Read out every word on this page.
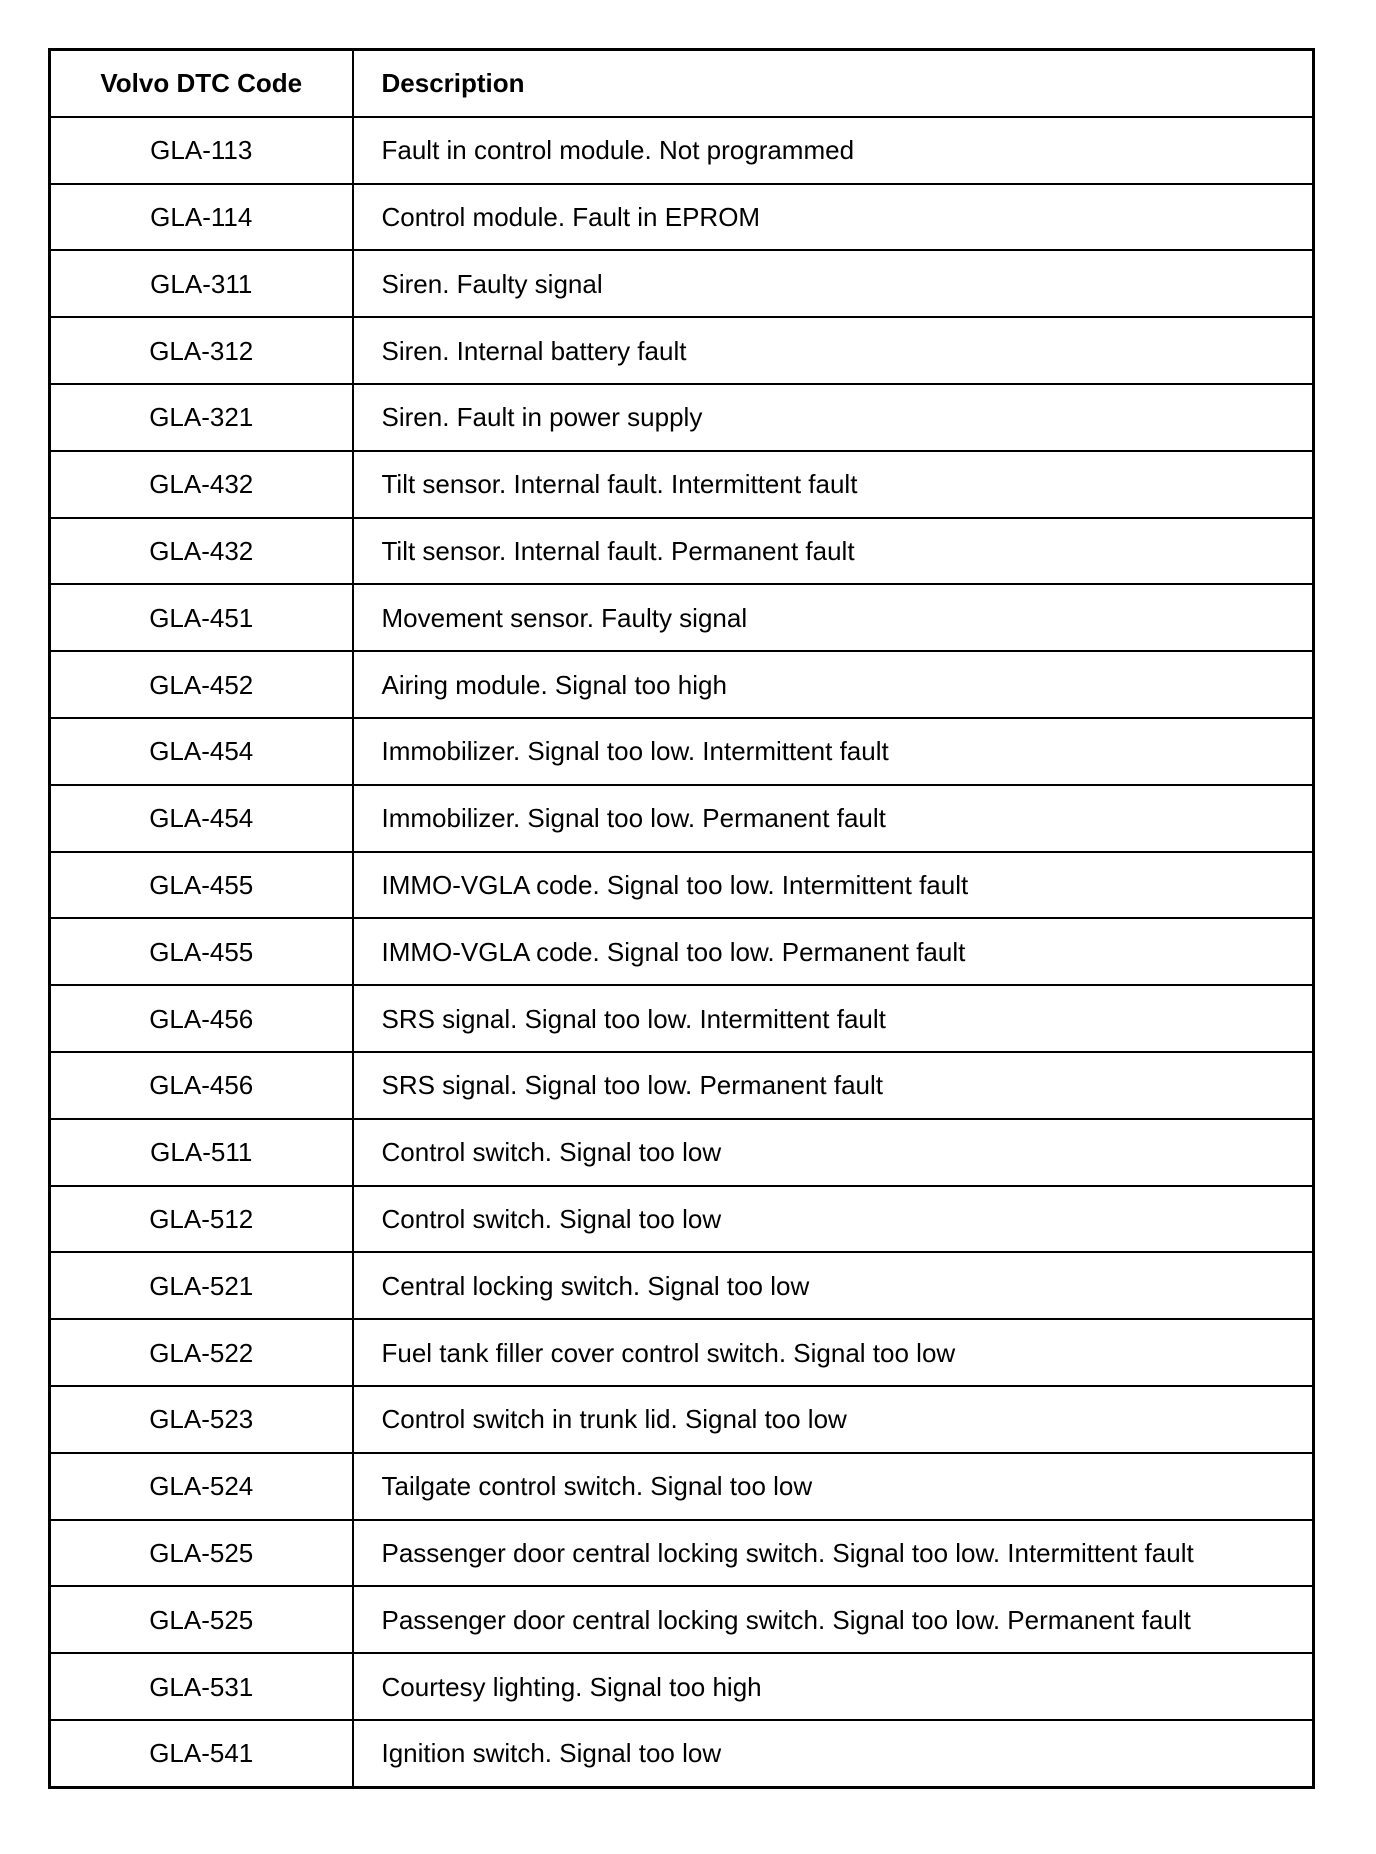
Volvo DTC Code	Description
GLA-113	Fault in control module. Not programmed
GLA-114	Control module. Fault in EPROM
GLA-311	Siren. Faulty signal
GLA-312	Siren. Internal battery fault
GLA-321	Siren. Fault in power supply
GLA-432	Tilt sensor. Internal fault. Intermittent fault
GLA-432	Tilt sensor. Internal fault. Permanent fault
GLA-451	Movement sensor. Faulty signal
GLA-452	Airing module. Signal too high
GLA-454	Immobilizer. Signal too low. Intermittent fault
GLA-454	Immobilizer. Signal too low. Permanent fault
GLA-455	IMMO-VGLA code. Signal too low. Intermittent fault
GLA-455	IMMO-VGLA code. Signal too low. Permanent fault
GLA-456	SRS signal. Signal too low. Intermittent fault
GLA-456	SRS signal. Signal too low. Permanent fault
GLA-511	Control switch. Signal too low
GLA-512	Control switch. Signal too low
GLA-521	Central locking switch. Signal too low
GLA-522	Fuel tank filler cover control switch. Signal too low
GLA-523	Control switch in trunk lid. Signal too low
GLA-524	Tailgate control switch. Signal too low
GLA-525	Passenger door central locking switch. Signal too low. Intermittent fault
GLA-525	Passenger door central locking switch. Signal too low. Permanent fault
GLA-531	Courtesy lighting. Signal too high
GLA-541	Ignition switch. Signal too low
